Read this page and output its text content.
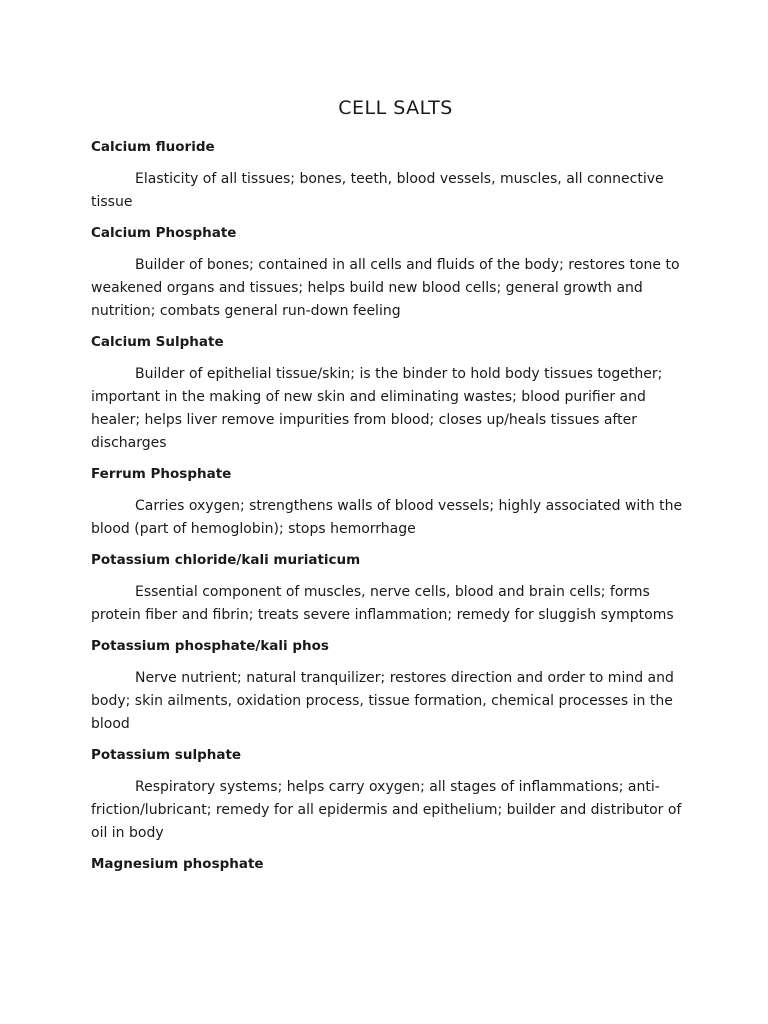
CELL SALTS
Calcium fluoride

Elasticity of all tissues; bones, teeth, blood vessels, muscles, all connective tissue

Calcium Phosphate

Builder of bones; contained in all cells and fluids of the body; restores tone to weakened organs and tissues; helps build new blood cells; general growth and nutrition; combats general run-down feeling

Calcium Sulphate

Builder of epithelial tissue/skin; is the binder to hold body tissues together; important in the making of new skin and eliminating wastes; blood purifier and healer; helps liver remove impurities from blood; closes up/heals tissues after discharges

Ferrum Phosphate

Carries oxygen; strengthens walls of blood vessels; highly associated with the blood (part of hemoglobin); stops hemorrhage

Potassium chloride/kali muriaticum

Essential component of muscles, nerve cells, blood and brain cells; forms protein fiber and fibrin; treats severe inflammation; remedy for sluggish symptoms

Potassium phosphate/kali phos

Nerve nutrient; natural tranquilizer; restores direction and order to mind and body; skin ailments, oxidation process, tissue formation, chemical processes in the blood

Potassium sulphate

Respiratory systems; helps carry oxygen; all stages of inflammations; anti-friction/lubricant; remedy for all epidermis and epithelium; builder and distributor of oil in body

Magnesium phosphate
